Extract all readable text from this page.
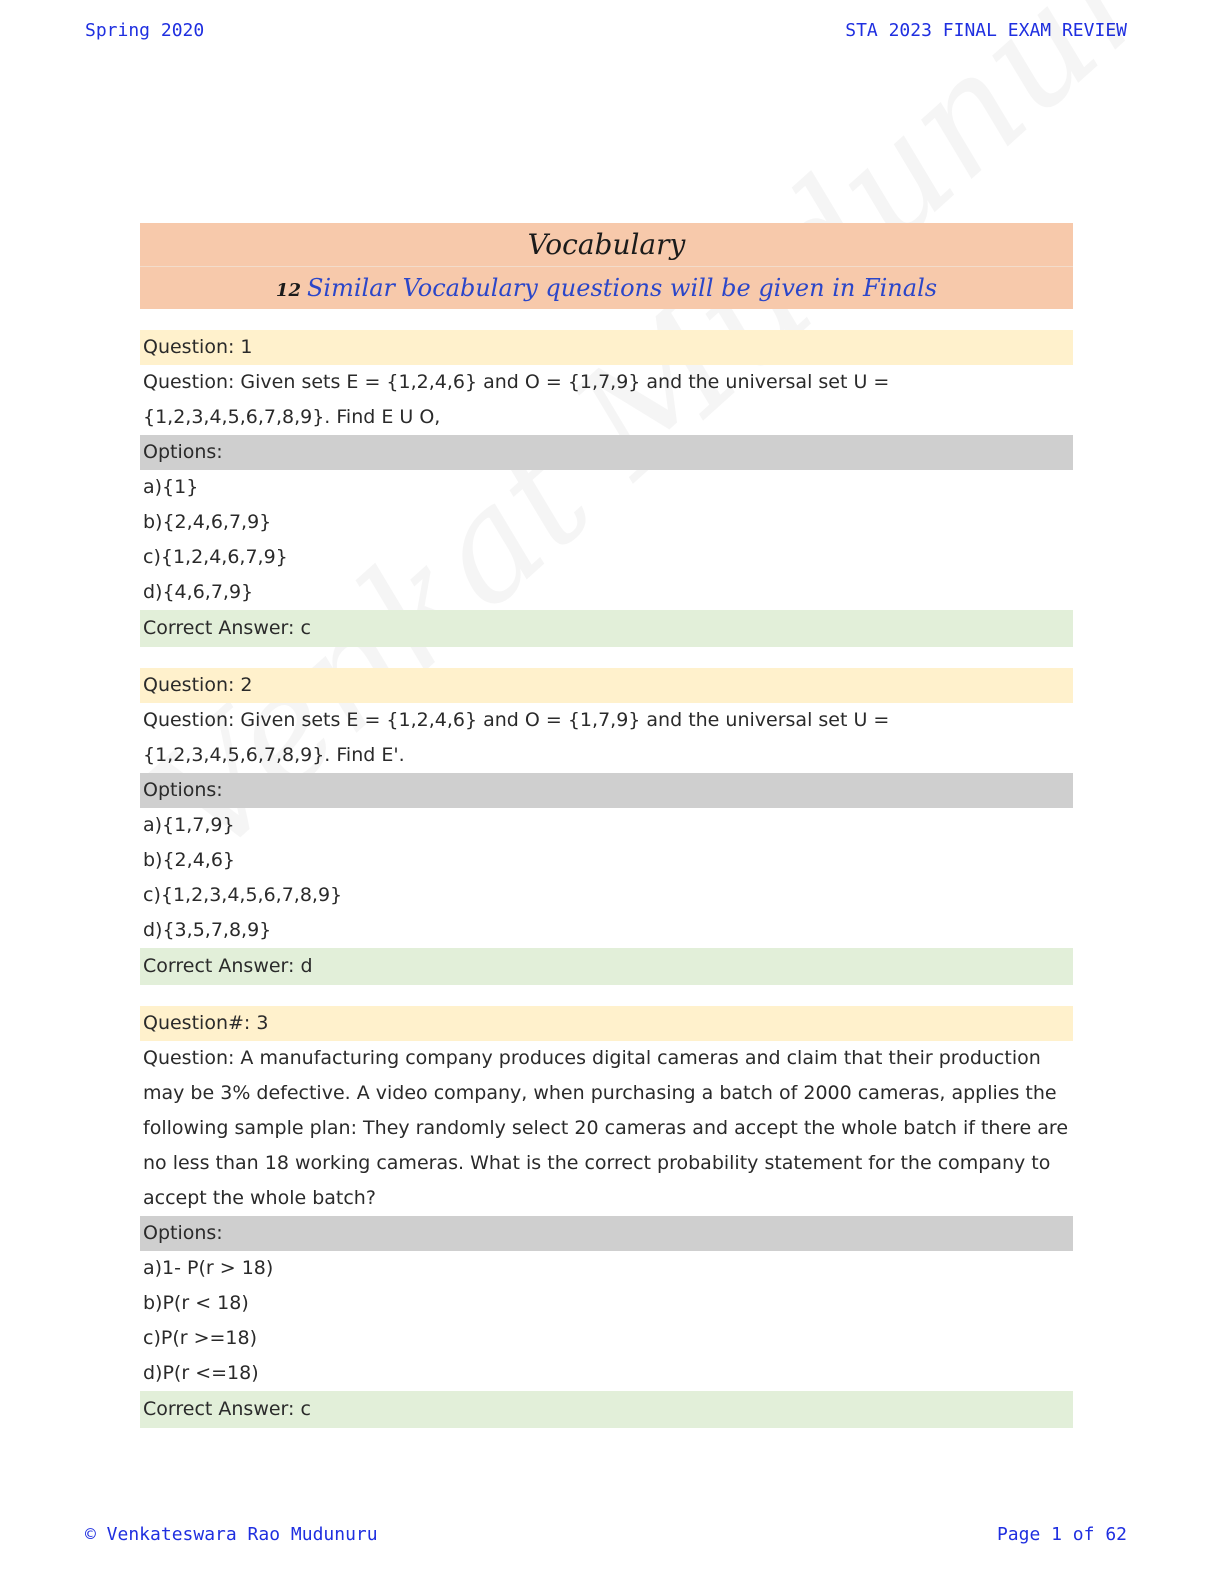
Spring 2020	STA 2023 FINAL EXAM REVIEW
Vocabulary
12 Similar Vocabulary questions will be given in Finals
Question: 1
Question: Given sets E = {1,2,4,6} and O = {1,7,9} and the universal set U = {1,2,3,4,5,6,7,8,9}. Find E U O,
Options:
a){1}
b){2,4,6,7,9}
c){1,2,4,6,7,9}
d){4,6,7,9}
Correct Answer: c
Question: 2
Question: Given sets E = {1,2,4,6} and O = {1,7,9} and the universal set U = {1,2,3,4,5,6,7,8,9}. Find E'.
Options:
a){1,7,9}
b){2,4,6}
c){1,2,3,4,5,6,7,8,9}
d){3,5,7,8,9}
Correct Answer: d
Question#: 3
Question: A manufacturing company produces digital cameras and claim that their production may be 3% defective. A video company, when purchasing a batch of 2000 cameras, applies the following sample plan: They randomly select 20 cameras and accept the whole batch if there are no less than 18 working cameras. What is the correct probability statement for the company to accept the whole batch?
Options:
a)1- P(r > 18)
b)P(r < 18)
c)P(r >=18)
d)P(r <=18)
Correct Answer: c
© Venkateswara Rao Mudunuru	Page 1 of 62
